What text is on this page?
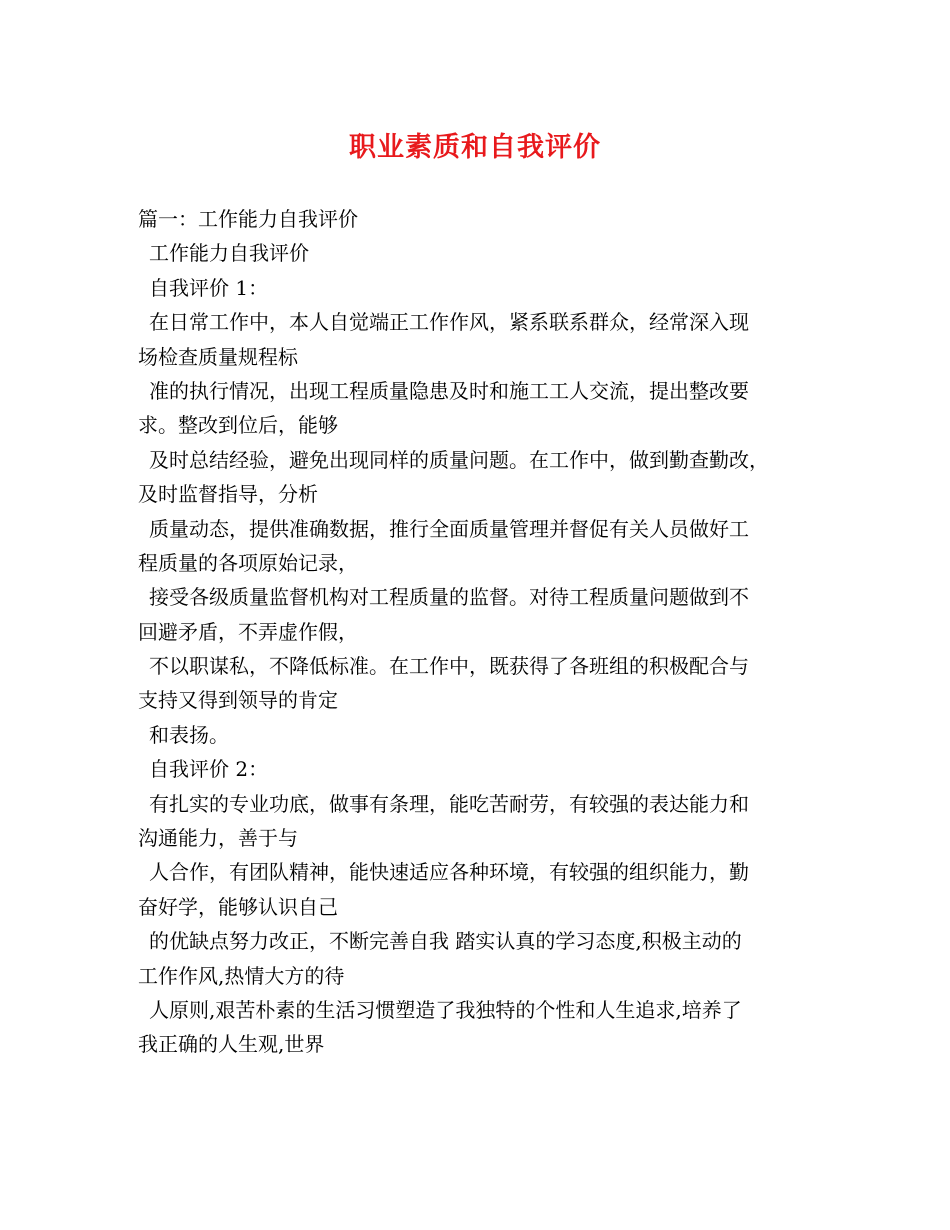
职业素质和自我评价
篇一：工作能力自我评价
工作能力自我评价
自我评价 1：
在日常工作中，本人自觉端正工作作风，紧系联系群众，经常深入现
场检查质量规程标
准的执行情况，出现工程质量隐患及时和施工工人交流，提出整改要
求。整改到位后，能够
及时总结经验，避免出现同样的质量问题。在工作中，做到勤查勤改，
及时监督指导，分析
质量动态，提供准确数据，推行全面质量管理并督促有关人员做好工
程质量的各项原始记录，
接受各级质量监督机构对工程质量的监督。对待工程质量问题做到不
回避矛盾，不弄虚作假，
不以职谋私，不降低标准。在工作中，既获得了各班组的积极配合与
支持又得到领导的肯定
和表扬。
自我评价 2：
有扎实的专业功底，做事有条理，能吃苦耐劳，有较强的表达能力和
沟通能力，善于与
人合作，有团队精神，能快速适应各种环境，有较强的组织能力，勤
奋好学，能够认识自己
的优缺点努力改正，不断完善自我 踏实认真的学习态度,积极主动的
工作作风,热情大方的待
人原则,艰苦朴素的生活习惯塑造了我独特的个性和人生追求,培养了
我正确的人生观,世界
